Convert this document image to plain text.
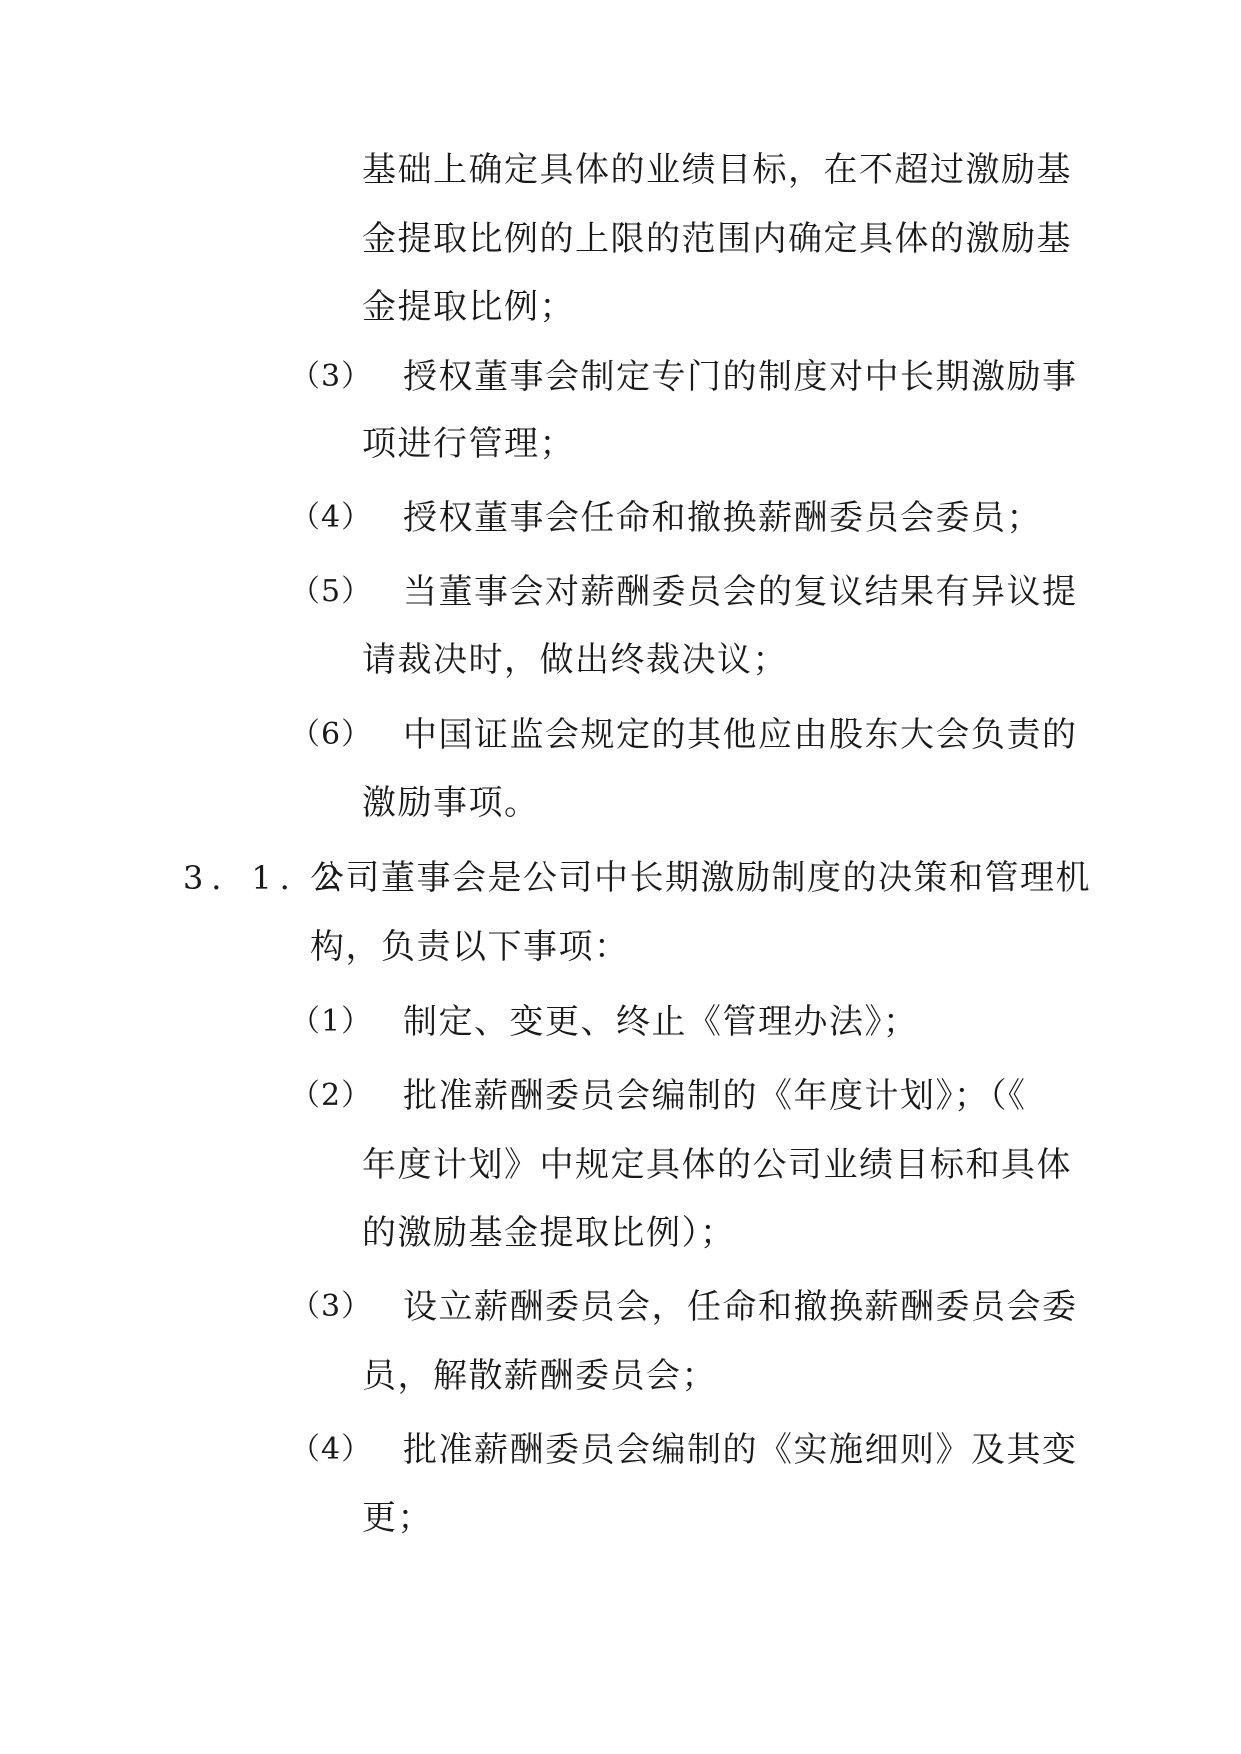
基础上确定具体的业绩目标，在不超过激励基
金提取比例的上限的范围内确定具体的激励基
金提取比例；
（3） 授权董事会制定专门的制度对中长期激励事
项进行管理；
（4） 授权董事会任命和撤换薪酬委员会委员；
（5） 当董事会对薪酬委员会的复议结果有异议提
请裁决时，做出终裁决议；
（6） 中国证监会规定的其他应由股东大会负责的
激励事项。
3．1．2
公司董事会是公司中长期激励制度的决策和管理机
构，负责以下事项：
（1） 制定、变更、终止《管理办法》；
（2） 批准薪酬委员会编制的《年度计划》；（《
年度计划》中规定具体的公司业绩目标和具体
的激励基金提取比例）；
（3） 设立薪酬委员会，任命和撤换薪酬委员会委
员，解散薪酬委员会；
（4） 批准薪酬委员会编制的《实施细则》及其变
更；
